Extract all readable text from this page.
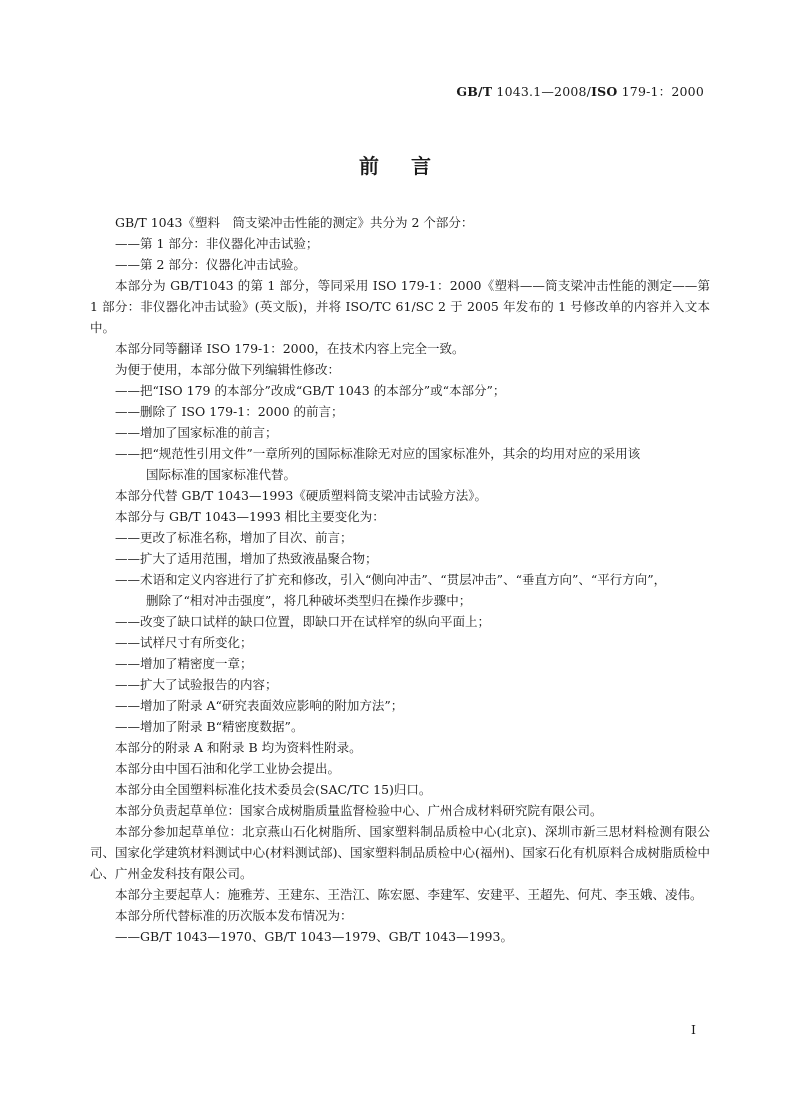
GB/T 1043.1—2008/ISO 179-1：2000
前 言

GB/T 1043《塑料　筒支梁冲击性能的测定》共分为 2 个部分：

——第 1 部分：非仪器化冲击试验；

——第 2 部分：仪器化冲击试验。

本部分为 GB/T1043 的第 1 部分，等同采用 ISO 179-1：2000《塑料——筒支梁冲击性能的测定——第 1 部分：非仪器化冲击试验》(英文版)，并将 ISO/TC 61/SC 2 于 2005 年发布的 1 号修改单的内容并入文本中。

本部分同等翻译 ISO 179-1：2000，在技术内容上完全一致。

为便于使用，本部分做下列编辑性修改：

——把“ISO 179 的本部分”改成“GB/T 1043 的本部分”或“本部分”；

——删除了 ISO 179-1：2000 的前言；

——增加了国家标准的前言；

——把“规范性引用文件”一章所列的国际标准除无对应的国家标准外，其余的均用对应的采用该

国际标准的国家标准代替。

本部分代替 GB/T 1043—1993《硬质塑料筒支梁冲击试验方法》。

本部分与 GB/T 1043—1993 相比主要变化为：

——更改了标准名称，增加了目次、前言；

——扩大了适用范围，增加了热致液晶聚合物；

——术语和定义内容进行了扩充和修改，引入“侧向冲击”、“贯层冲击”、“垂直方向”、“平行方向”，

删除了“相对冲击强度”，将几种破坏类型归在操作步骤中；

——改变了缺口试样的缺口位置，即缺口开在试样窄的纵向平面上；

——试样尺寸有所变化；

——增加了精密度一章；

——扩大了试验报告的内容；

——增加了附录 A“研究表面效应影响的附加方法”；

——增加了附录 B“精密度数据”。

本部分的附录 A 和附录 B 均为资料性附录。

本部分由中国石油和化学工业协会提出。

本部分由全国塑料标准化技术委员会(SAC/TC 15)归口。

本部分负责起草单位：国家合成树脂质量监督检验中心、广州合成材料研究院有限公司。

本部分参加起草单位：北京燕山石化树脂所、国家塑料制品质检中心(北京)、深圳市新三思材料检测有限公司、国家化学建筑材料测试中心(材料测试部)、国家塑料制品质检中心(福州)、国家石化有机原料合成树脂质检中心、广州金发科技有限公司。

本部分主要起草人：施雅芳、王建东、王浩江、陈宏愿、李建军、安建平、王超先、何芃、李玉娥、凌伟。

本部分所代替标准的历次版本发布情况为：

——GB/T 1043—1970、GB/T 1043—1979、GB/T 1043—1993。

I
